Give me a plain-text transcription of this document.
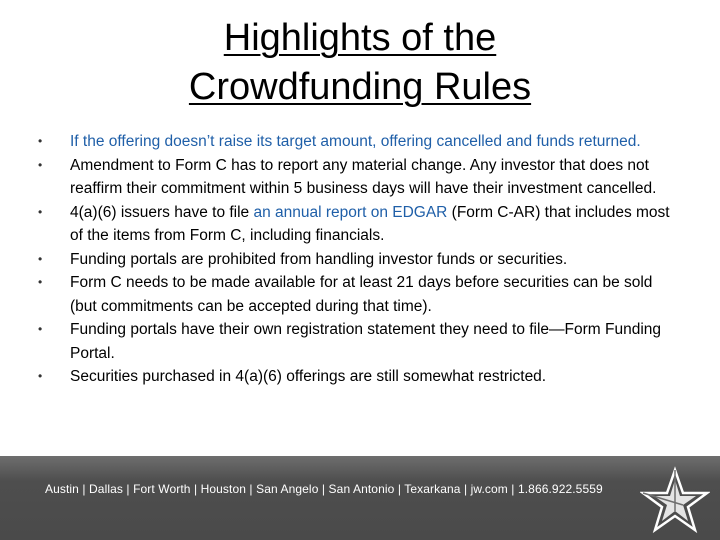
Highlights of the
Crowdfunding Rules
• If the offering doesn’t raise its target amount, offering cancelled and funds returned.
• Amendment to Form C has to report any material change. Any investor that does not reaffirm their commitment within 5 business days will have their investment cancelled.
• 4(a)(6) issuers have to file an annual report on EDGAR (Form C-AR) that includes most of the items from Form C, including financials.
• Funding portals are prohibited from handling investor funds or securities.
• Form C needs to be made available for at least 21 days before securities can be sold (but commitments can be accepted during that time).
• Funding portals have their own registration statement they need to file—Form Funding Portal.
• Securities purchased in 4(a)(6) offerings are still somewhat restricted.
Austin | Dallas | Fort Worth | Houston | San Angelo | San Antonio | Texarkana | jw.com | 1.866.922.5559
